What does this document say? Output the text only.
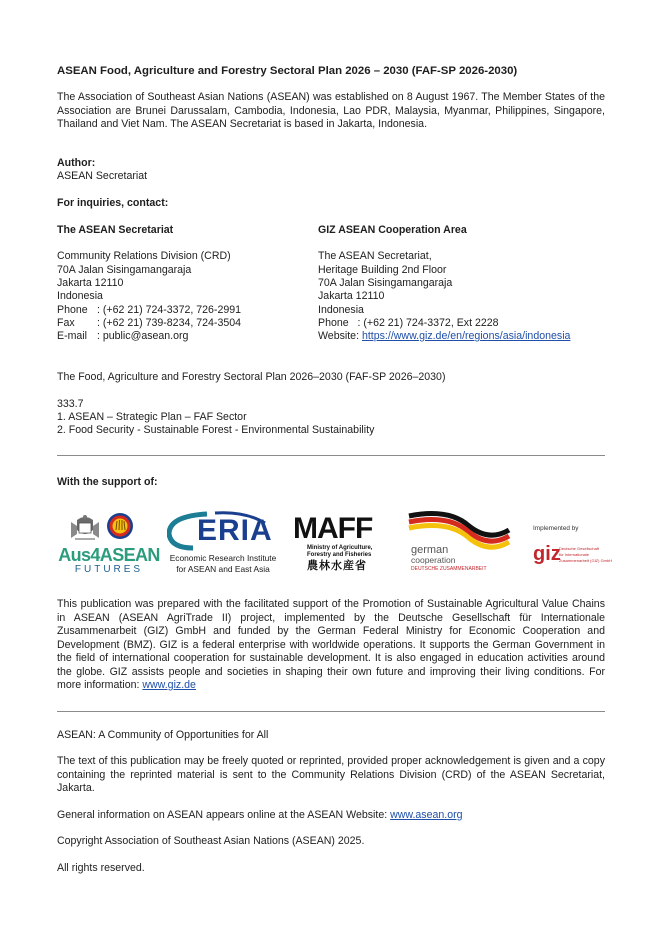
ASEAN Food, Agriculture and Forestry Sectoral Plan 2026 – 2030 (FAF-SP 2026-2030)

The Association of Southeast Asian Nations (ASEAN) was established on 8 August 1967. The Member States of the Association are Brunei Darussalam, Cambodia, Indonesia, Lao PDR, Malaysia, Myanmar, Philippines, Singapore, Thailand and Viet Nam. The ASEAN Secretariat is based in Jakarta, Indonesia.

Author:
ASEAN Secretariat
For inquiries, contact:
The ASEAN Secretariat
Community Relations Division (CRD)
70A Jalan Sisingamangaraja
Jakarta 12110
Indonesia
Phone : (+62 21) 724-3372, 726-2991
Fax : (+62 21) 739-8234, 724-3504
E-mail : public@asean.org
GIZ ASEAN Cooperation Area
The ASEAN Secretariat,
Heritage Building 2nd Floor
70A Jalan Sisingamangaraja
Jakarta 12110
Indonesia
Phone   : (+62 21) 724-3372, Ext 2228
Website: https://www.giz.de/en/regions/asia/indonesia
The Food, Agriculture and Forestry Sectoral Plan 2026–2030 (FAF-SP 2026–2030)
333.7
1. ASEAN – Strategic Plan – FAF Sector
2. Food Security - Sustainable Forest - Environmental Sustainability
With the support of:
Aus4ASEAN
FUTURES
ERIA
Economic Research Institute
for ASEAN and East Asia
MAFF
Ministry of Agriculture,
Forestry and Fisheries
農林水産省
german
cooperation
DEUTSCHE ZUSAMMENARBEIT
Implemented by
giz
Deutsche Gesellschaft
für Internationale
Zusammenarbeit (GIZ) GmbH

This publication was prepared with the facilitated support of the Promotion of Sustainable Agricultural Value Chains in ASEAN (ASEAN AgriTrade II) project, implemented by the Deutsche Gesellschaft für Internationale Zusammenarbeit (GIZ) GmbH and funded by the German Federal Ministry for Economic Cooperation and Development (BMZ). GIZ is a federal enterprise with worldwide operations. It supports the German Government in the field of international cooperation for sustainable development. It is also engaged in education activities around the globe. GIZ assists people and societies in shaping their own future and improving their living conditions. For more information: www.giz.de

ASEAN: A Community of Opportunities for All

The text of this publication may be freely quoted or reprinted, provided proper acknowledgement is given and a copy containing the reprinted material is sent to the Community Relations Division (CRD) of the ASEAN Secretariat, Jakarta.

General information on ASEAN appears online at the ASEAN Website: www.asean.org
Copyright Association of Southeast Asian Nations (ASEAN) 2025.
All rights reserved.
